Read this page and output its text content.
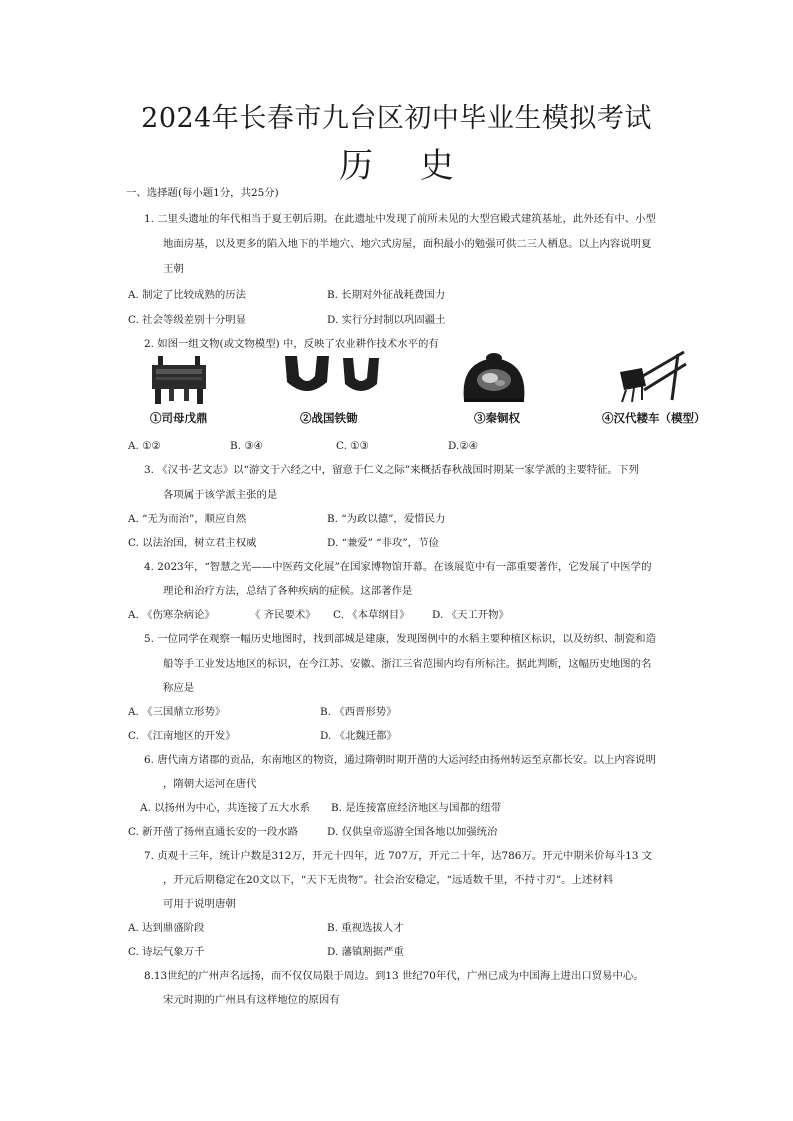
2024年长春市九台区初中毕业生模拟考试
历 史
一、选择题(每小题1分，共25分)
1. 二里头遗址的年代相当于夏王朝后期。在此遗址中发现了前所未见的大型宫殿式建筑基址，此外还有中、小型
地面房基，以及更多的陷入地下的半地穴、地穴式房屋，面积最小的勉强可供二三人栖息。以上内容说明夏
王朝
A. 制定了比较成熟的历法	B. 长期对外征战耗费国力
C. 社会等级差别十分明显	D. 实行分封制以巩固疆土
2. 如图一组文物(或文物模型) 中，反映了农业耕作技术水平的有
①司母戊鼎	②战国铁锄	③秦铜权	④汉代耧车（模型）
A. ①②	B. ③④	C. ①③	D.②④
3. 《汉书·艺文志》以“游文于六经之中，留意于仁义之际”来概括春秋战国时期某一家学派的主要特征。下列
各项属于该学派主张的是
A. “无为而治”，顺应自然	B. “为政以德”，爱惜民力
C. 以法治国，树立君主权威	D. “兼爱” “非攻”，节俭
4. 2023年，“智慧之光——中医药文化展”在国家博物馆开幕。在该展览中有一部重要著作，它发展了中医学的
理论和治疗方法，总结了各种疾病的症候。这部著作是
A. 《伤寒杂病论》	《 齐民要术》 C. 《本草纲目》 D. 《天工开物》
5. 一位同学在观察一幅历史地图时，找到部城是建康，发现图例中的水稻主要种植区标识，以及纺织、制瓷和造
船等手工业发达地区的标识，在今江苏、安徽、浙江三省范围内均有所标注。据此判断，这幅历史地图的名
称应是
A. 《三国鼎立形势》	B. 《西晋形势》
C. 《江南地区的开发》	D. 《北魏迁都》
6. 唐代南方诸郡的贡品，东南地区的物资，通过隋朝时期开凿的大运河经由扬州转运至京都长安。以上内容说明
，隋朝大运河在唐代
A. 以扬州为中心，共连接了五大水系 B. 是连接富庶经济地区与国都的纽带
C. 新开凿了扬州直通长安的一段水路	D. 仅供皇帝巡游全国各地以加强统治
7. 贞观十三年，统计户数是312万，开元十四年，近 707万，开元二十年，达786万。开元中期米价每斗13 文
，开元后期稳定在20文以下，“天下无贵物”。社会治安稳定，“远适数千里，不持寸刃”。上述材料
可用于说明唐朝
A. 达到鼎盛阶段	B. 重视选拔人才
C. 诗坛气象万千	D. 藩镇割据严重
8.13世纪的广州声名远扬，而不仅仅局限于周边。到13 世纪70年代，广州已成为中国海上进出口贸易中心。
宋元时期的广州具有这样地位的原因有
